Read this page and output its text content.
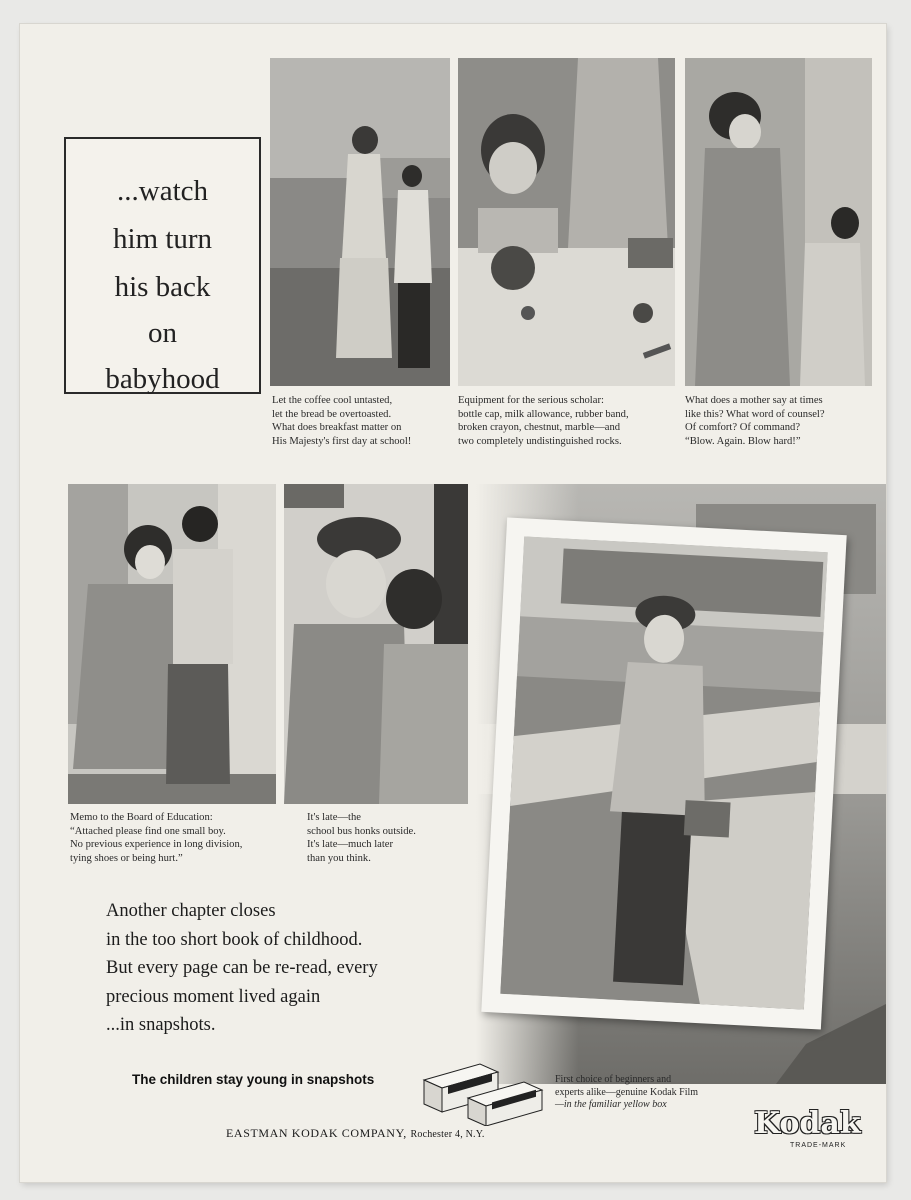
...watch
him turn
his back
on
babyhood
Let the coffee cool untasted,
let the bread be overtoasted.
What does breakfast matter on
His Majesty's first day at school!
Equipment for the serious scholar:
bottle cap, milk allowance, rubber band,
broken crayon, chestnut, marble—and
two completely undistinguished rocks.
What does a mother say at times
like this? What word of counsel?
Of comfort? Of command?
“Blow. Again. Blow hard!”
Memo to the Board of Education:
“Attached please find one small boy.
No previous experience in long division,
tying shoes or being hurt.”
It's late—the
school bus honks outside.
It's late—much later
than you think.
Another chapter closes
in the too short book of childhood.
But every page can be re-read, every
precious moment lived again
...in snapshots.
The children stay young in snapshots	First choice of beginners and
experts alike—genuine Kodak Film
—in the familiar yellow box
EASTMAN KODAK COMPANY, Rochester 4, N.Y.	Kodak
TRADE-MARK
